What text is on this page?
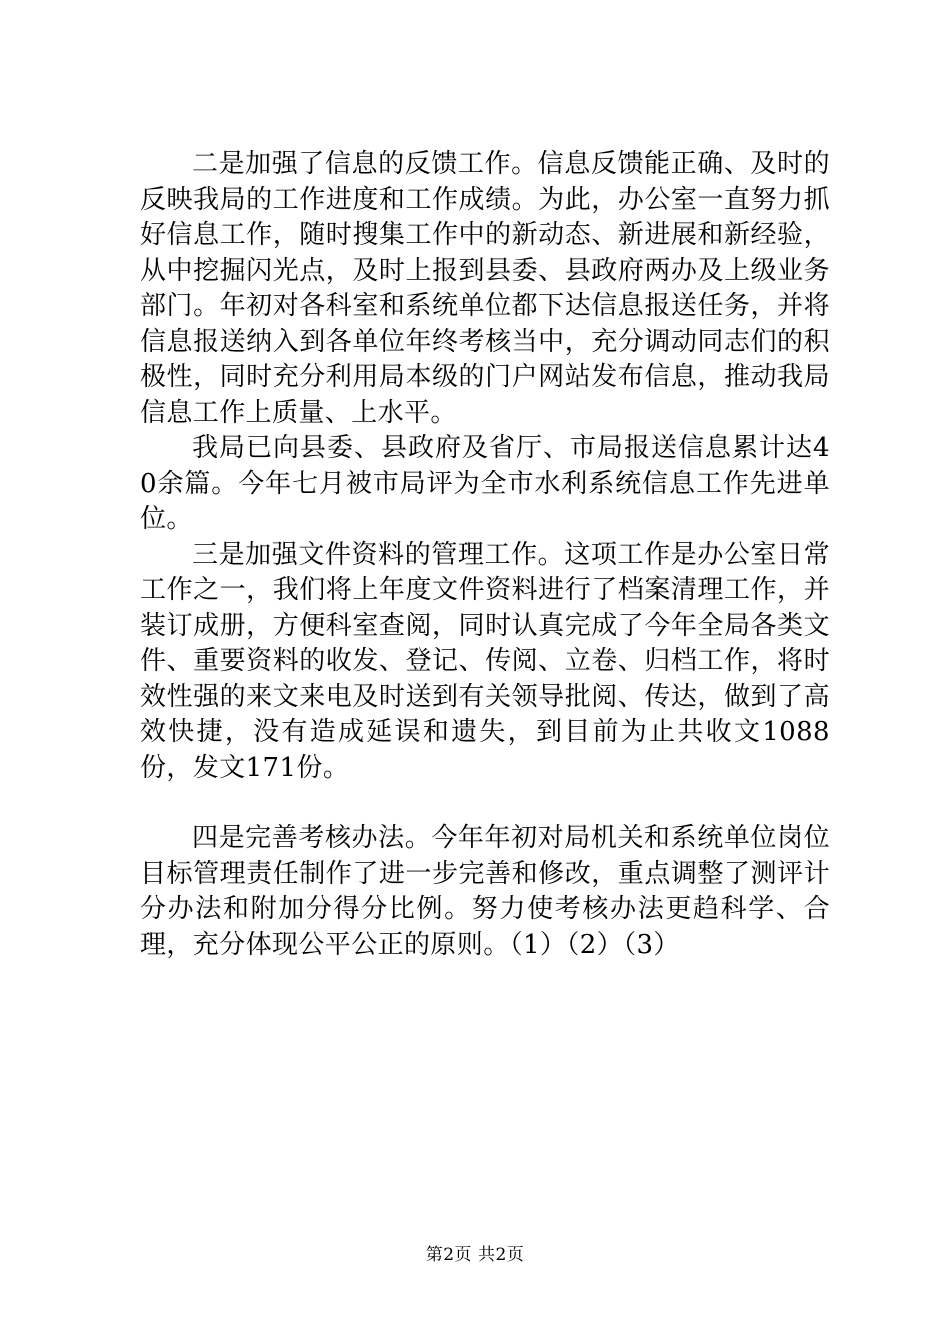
二是加强了信息的反馈工作。信息反馈能正确、及时的反映我局的工作进度和工作成绩。为此，办公室一直努力抓好信息工作，随时搜集工作中的新动态、新进展和新经验，从中挖掘闪光点，及时上报到县委、县政府两办及上级业务部门。年初对各科室和系统单位都下达信息报送任务，并将信息报送纳入到各单位年终考核当中，充分调动同志们的积极性，同时充分利用局本级的门户网站发布信息，推动我局信息工作上质量、上水平。

我局已向县委、县政府及省厅、市局报送信息累计达40余篇。今年七月被市局评为全市水利系统信息工作先进单位。

三是加强文件资料的管理工作。这项工作是办公室日常工作之一，我们将上年度文件资料进行了档案清理工作，并装订成册，方便科室查阅，同时认真完成了今年全局各类文件、重要资料的收发、登记、传阅、立卷、归档工作，将时效性强的来文来电及时送到有关领导批阅、传达，做到了高效快捷，没有造成延误和遗失，到目前为止共收文1088份，发文171份。

四是完善考核办法。今年年初对局机关和系统单位岗位目标管理责任制作了进一步完善和修改，重点调整了测评计分办法和附加分得分比例。努力使考核办法更趋科学、合理，充分体现公平公正的原则。（1）（2）（3）

第2页 共2页
